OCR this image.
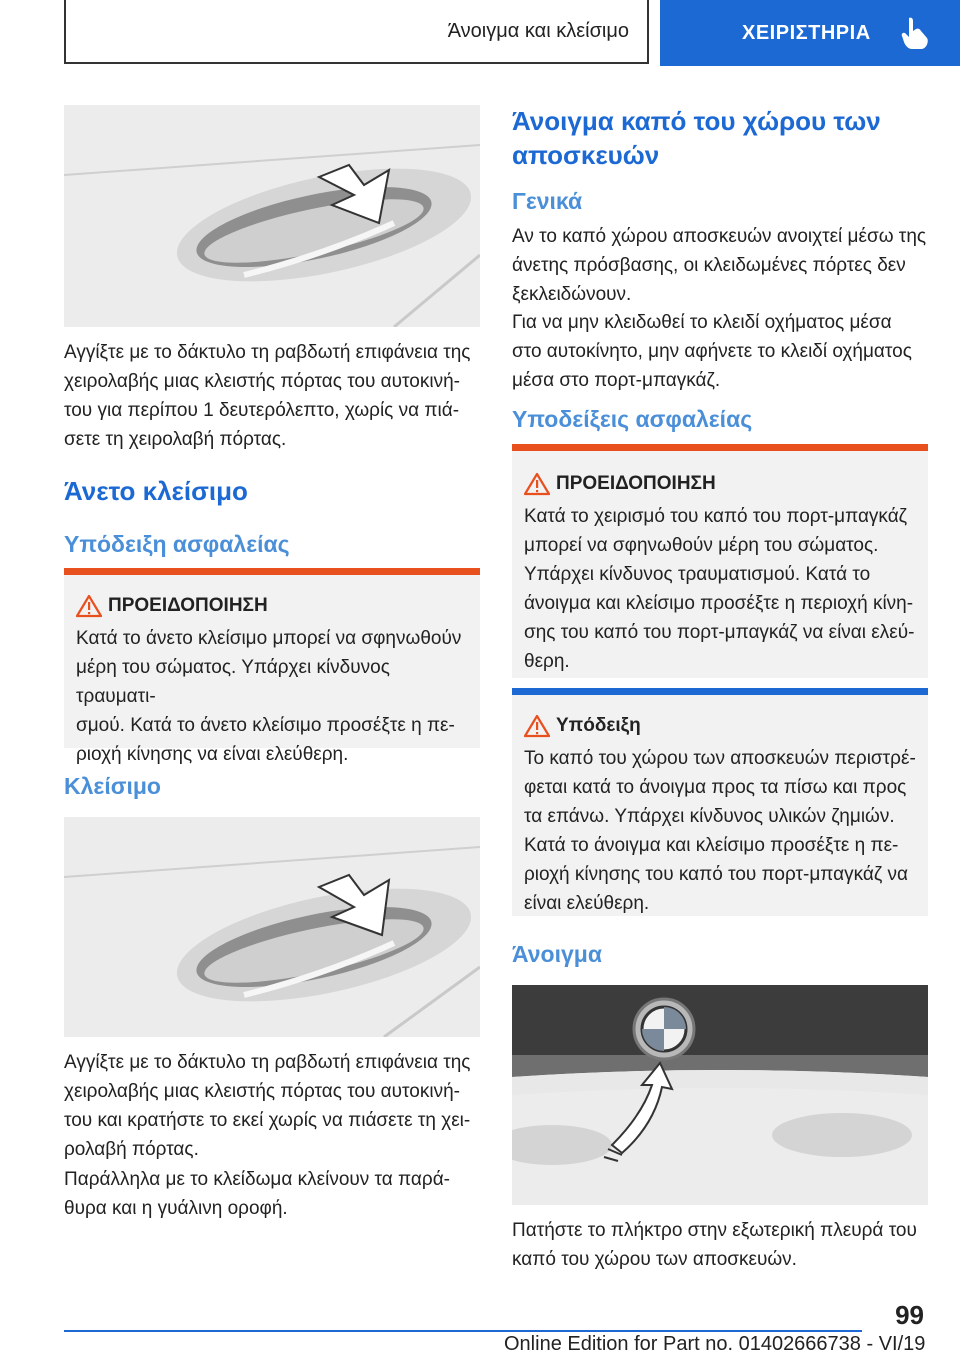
Άνοιγμα και κλείσιμο	ΧΕΙΡΙΣΤΗΡΙΑ
Αγγίξτε με το δάκτυλο τη ραβδωτή επιφάνεια της
χειρολαβής μιας κλειστής πόρτας του αυτοκινή-
του για περίπου 1 δευτερόλεπτο, χωρίς να πιά-
σετε τη χειρολαβή πόρτας.
Άνετο κλείσιμο
Υπόδειξη ασφαλείας
ΠΡΟΕΙΔΟΠΟΙΗΣΗ
Κατά το άνετο κλείσιμο μπορεί να σφηνωθούν
μέρη του σώματος. Υπάρχει κίνδυνος τραυματι-
σμού. Κατά το άνετο κλείσιμο προσέξτε η πε-
ριοχή κίνησης να είναι ελεύθερη.
Κλείσιμο
Αγγίξτε με το δάκτυλο τη ραβδωτή επιφάνεια της
χειρολαβής μιας κλειστής πόρτας του αυτοκινή-
του και κρατήστε το εκεί χωρίς να πιάσετε τη χει-
ρολαβή πόρτας.
Παράλληλα με το κλείδωμα κλείνουν τα παρά-
θυρα και η γυάλινη οροφή.
Άνοιγμα καπό του χώρου των
αποσκευών
Γενικά
Αν το καπό χώρου αποσκευών ανοιχτεί μέσω της
άνετης πρόσβασης, οι κλειδωμένες πόρτες δεν
ξεκλειδώνουν.
Για να μην κλειδωθεί το κλειδί οχήματος μέσα
στο αυτοκίνητο, μην αφήνετε το κλειδί οχήματος
μέσα στο πορτ-μπαγκάζ.
Υποδείξεις ασφαλείας
ΠΡΟΕΙΔΟΠΟΙΗΣΗ
Κατά το χειρισμό του καπό του πορτ-μπαγκάζ
μπορεί να σφηνωθούν μέρη του σώματος.
Υπάρχει κίνδυνος τραυματισμού. Κατά το
άνοιγμα και κλείσιμο προσέξτε η περιοχή κίνη-
σης του καπό του πορτ-μπαγκάζ να είναι ελεύ-
θερη.
Υπόδειξη
Το καπό του χώρου των αποσκευών περιστρέ-
φεται κατά το άνοιγμα προς τα πίσω και προς
τα επάνω. Υπάρχει κίνδυνος υλικών ζημιών.
Κατά το άνοιγμα και κλείσιμο προσέξτε η πε-
ριοχή κίνησης του καπό του πορτ-μπαγκάζ να
είναι ελεύθερη.
Άνοιγμα
Πατήστε το πλήκτρο στην εξωτερική πλευρά του
καπό του χώρου των αποσκευών.
99
Online Edition for Part no. 01402666738 - VI/19
